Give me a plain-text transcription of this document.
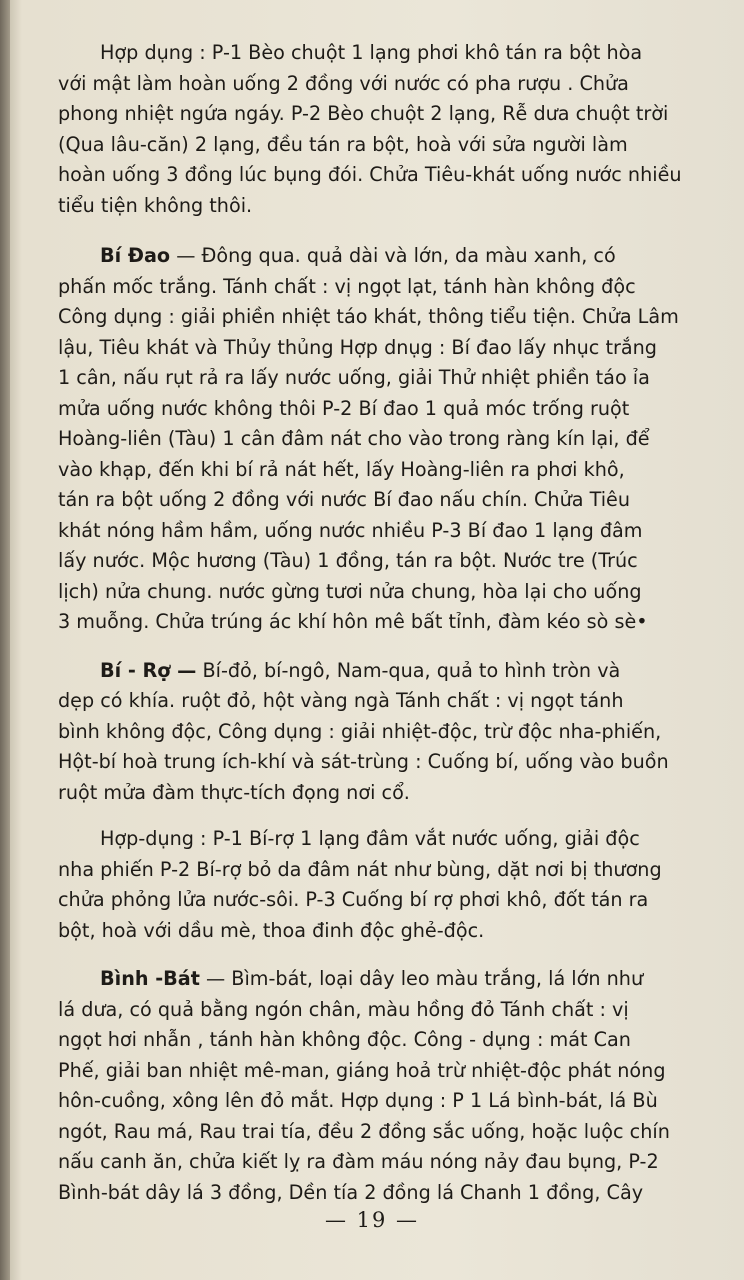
Hợp dụng : P-1 Bèo chuột 1 lạng phơi khô tán ra bột hòa
với mật làm hoàn uống 2 đồng với nước có pha rượu . Chửa
phong nhiệt ngứa ngáy. P-2 Bèo chuột 2 lạng, Rễ dưa chuột trời
(Qua lâu-căn) 2 lạng, đều tán ra bột, hoà với sửa người làm
hoàn uống 3 đồng lúc bụng đói. Chửa Tiêu-khát uống nước nhiều
tiểu tiện không thôi.
Bí Đao — Đông qua. quả dài và lớn, da màu xanh, có
phấn mốc trắng. Tánh chất : vị ngọt lạt, tánh hàn không độc
Công dụng : giải phiền nhiệt táo khát, thông tiểu tiện. Chửa Lâm
lậu, Tiêu khát và Thủy thủng Hợp dnụg : Bí đao lấy nhục trắng
1 cân, nấu rụt rả ra lấy nước uống, giải Thử nhiệt phiền táo ỉa
mửa uống nước không thôi P-2 Bí đao 1 quả móc trống ruột
Hoàng-liên (Tàu) 1 cân đâm nát cho vào trong ràng kín lại, để
vào khạp, đến khi bí rả nát hết, lấy Hoàng-liên ra phơi khô,
tán ra bột uống 2 đồng với nước Bí đao nấu chín. Chửa Tiêu
khát nóng hầm hầm, uống nước nhiều P-3 Bí đao 1 lạng đâm
lấy nước. Mộc hương (Tàu) 1 đồng, tán ra bột. Nước tre (Trúc
lịch) nửa chung. nước gừng tươi nửa chung, hòa lại cho uống
3 muỗng. Chửa trúng ác khí hôn mê bất tỉnh, đàm kéo sò sè•
Bí - Rợ — Bí-đỏ, bí-ngô, Nam-qua, quả to hình tròn và
dẹp có khía. ruột đỏ, hột vàng ngà Tánh chất : vị ngọt tánh
bình không độc, Công dụng : giải nhiệt-độc, trừ độc nha-phiến,
Hột-bí hoà trung ích-khí và sát-trùng : Cuống bí, uống vào buồn
ruột mửa đàm thực-tích đọng nơi cổ.
Hợp-dụng : P-1 Bí-rợ 1 lạng đâm vắt nước uống, giải độc
nha phiến P-2 Bí-rợ bỏ da đâm nát như bùng, dặt nơi bị thương
chửa phỏng lửa nước-sôi. P-3 Cuống bí rợ phơi khô, đốt tán ra
bột, hoà với dầu mè, thoa đinh độc ghẻ-độc.
Bình -Bát — Bìm-bát, loại dây leo màu trắng, lá lớn như
lá dưa, có quả bằng ngón chân, màu hồng đỏ Tánh chất : vị
ngọt hơi nhẫn , tánh hàn không độc. Công - dụng : mát Can
Phế, giải ban nhiệt mê-man, giáng hoả trừ nhiệt-độc phát nóng
hôn-cuồng, xông lên đỏ mắt. Hợp dụng : P 1 Lá bình-bát, lá Bù
ngót, Rau má, Rau trai tía, đều 2 đồng sắc uống, hoặc luộc chín
nấu canh ăn, chửa kiết lỵ ra đàm máu nóng nảy đau bụng, P-2
Bình-bát dây lá 3 đồng, Dền tía 2 đồng lá Chanh 1 đồng, Cây
— 19 —
